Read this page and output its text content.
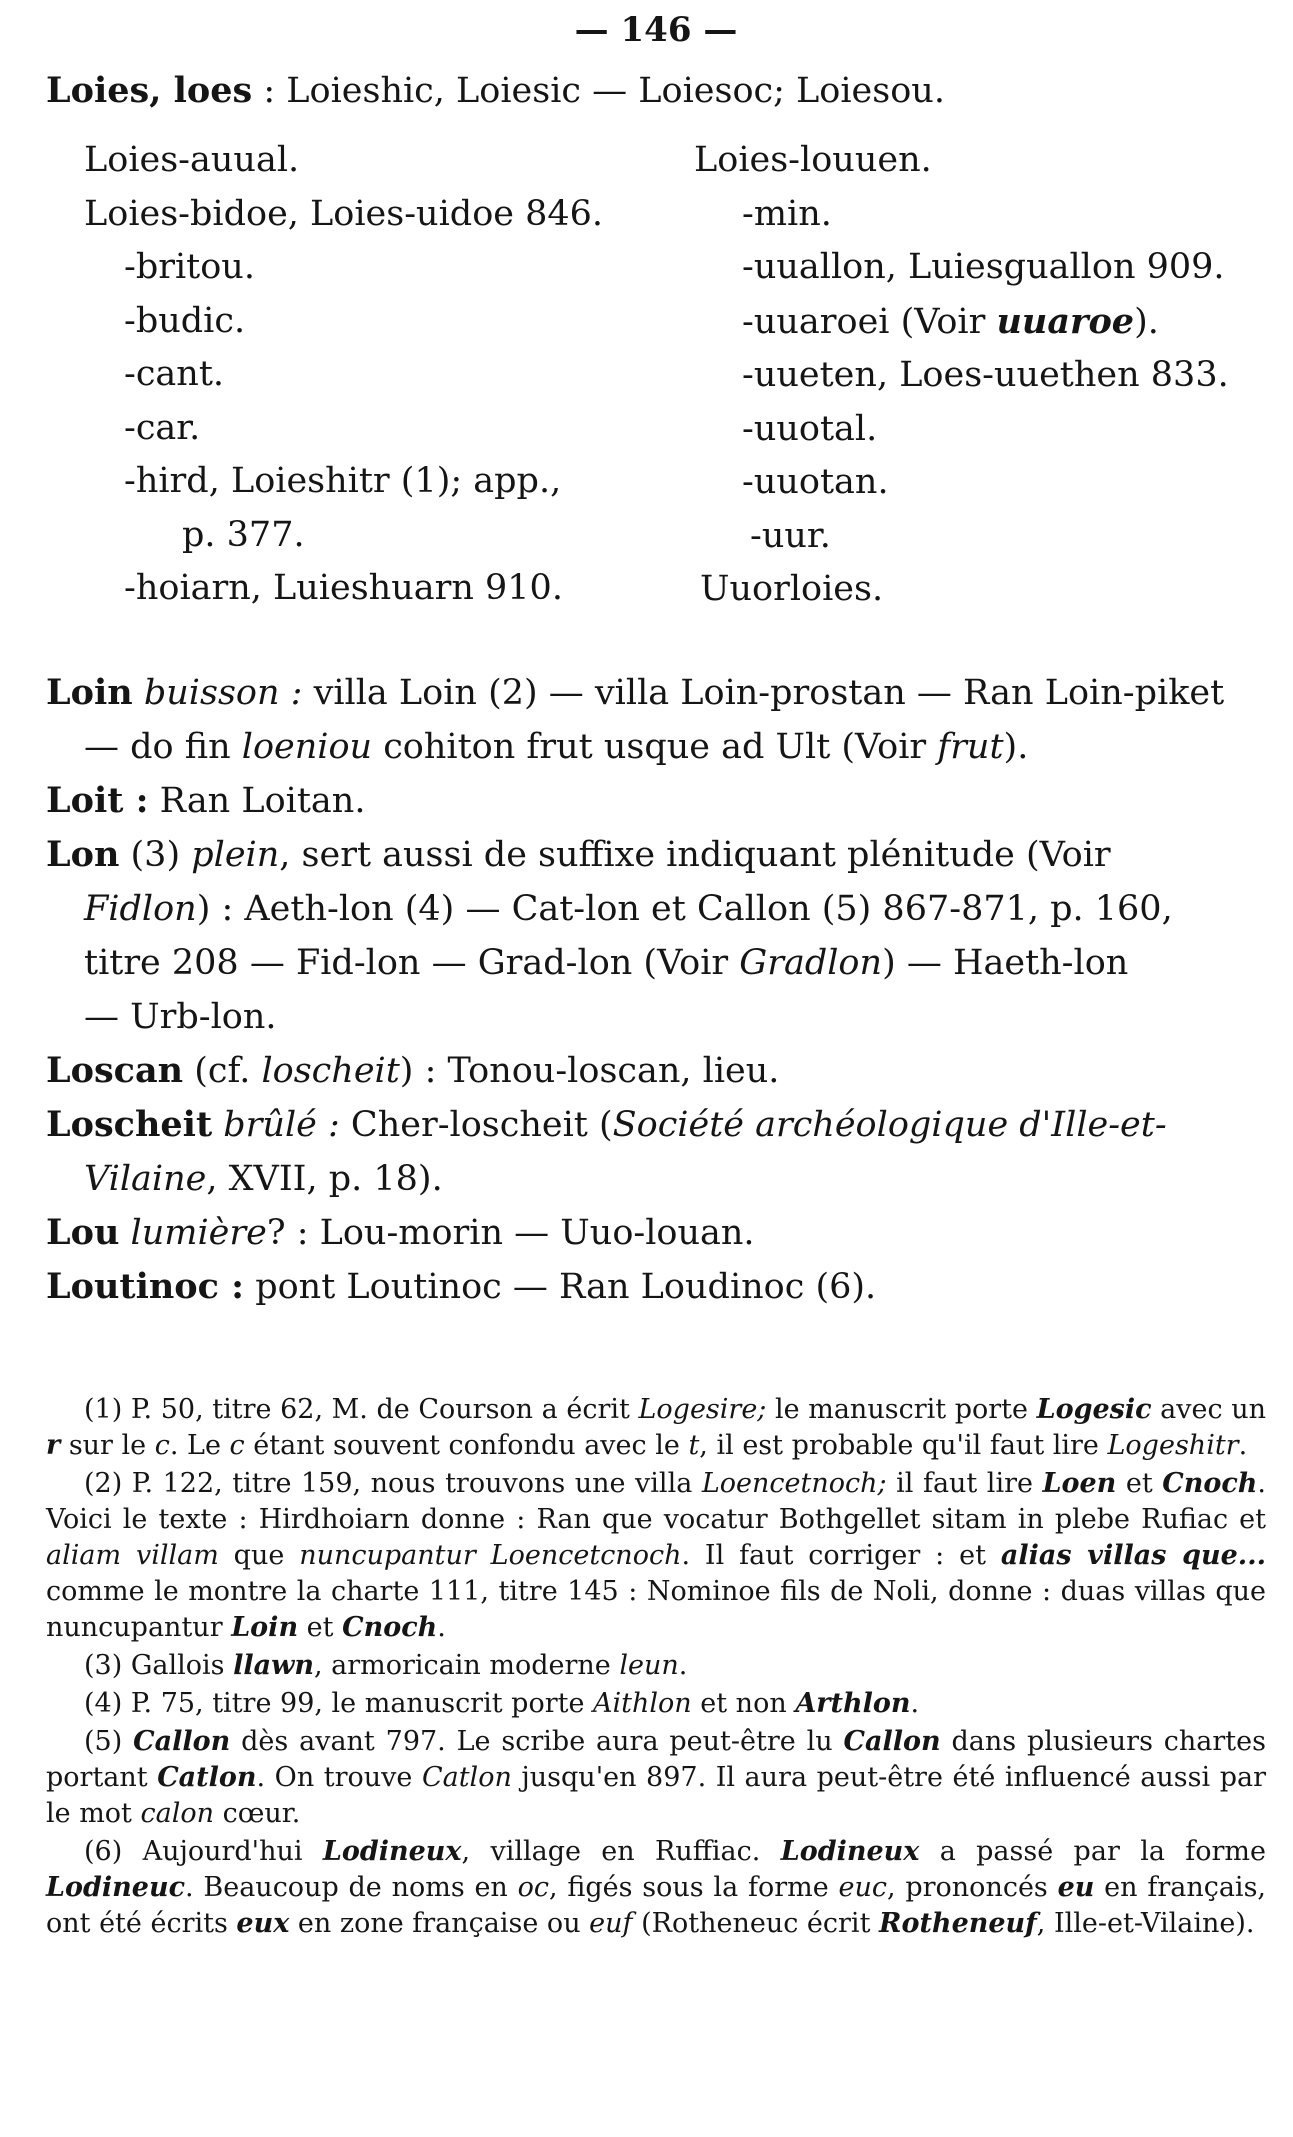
— 146 —
Loies, loes : Loieshic, Loiesic — Loiesoc; Loiesou.
Loies-auual.
Loies-bidoe, Loies-uidoe 846.
-britou.
-budic.
-cant.
-car.
-hird, Loieshitr (1); app.,
p. 377.
-hoiarn, Luieshuarn 910.
Loies-louuen.
-min.
-uuallon, Luiesguallon 909.
-uuaroei (Voir uuaroe).
-uueten, Loes-uuethen 833.
-uuotal.
-uuotan.
-uur.
Uuorloies.
Loin buisson : villa Loin (2) — villa Loin-prostan — Ran Loin-piket
— do fin loeniou cohiton frut usque ad Ult (Voir frut).
Loit : Ran Loitan.
Lon (3) plein, sert aussi de suffixe indiquant plénitude (Voir
Fidlon) : Aeth-lon (4) — Cat-lon et Callon (5) 867-871, p. 160,
titre 208 — Fid-lon — Grad-lon (Voir Gradlon) — Haeth-lon
— Urb-lon.
Loscan (cf. loscheit) : Tonou-loscan, lieu.
Loscheit brûlé : Cher-loscheit (Société archéologique d'Ille-et-
Vilaine, XVII, p. 18).
Lou lumière? : Lou-morin — Uuo-louan.
Loutinoc : pont Loutinoc — Ran Loudinoc (6).

(1) P. 50, titre 62, M. de Courson a écrit Logesire; le manuscrit porte Logesic avec un r sur le c. Le c étant souvent confondu avec le t, il est probable qu'il faut lire Logeshitr.

(2) P. 122, titre 159, nous trouvons une villa Loencetnoch; il faut lire Loen et Cnoch. Voici le texte : Hirdhoiarn donne : Ran que vocatur Bothgellet sitam in plebe Rufiac et aliam villam que nuncupantur Loencetcnoch. Il faut corriger : et alias villas que... comme le montre la charte 111, titre 145 : Nominoe fils de Noli, donne : duas villas que nuncupantur Loin et Cnoch.

(3) Gallois llawn, armoricain moderne leun.

(4) P. 75, titre 99, le manuscrit porte Aithlon et non Arthlon.

(5) Callon dès avant 797. Le scribe aura peut-être lu Callon dans plusieurs chartes portant Catlon. On trouve Catlon jusqu'en 897. Il aura peut-être été influencé aussi par le mot calon cœur.

(6) Aujourd'hui Lodineux, village en Ruffiac. Lodineux a passé par la forme Lodineuc. Beaucoup de noms en oc, figés sous la forme euc, prononcés eu en français, ont été écrits eux en zone française ou euf (Rotheneuc écrit Rotheneuf, Ille-et-Vilaine).
